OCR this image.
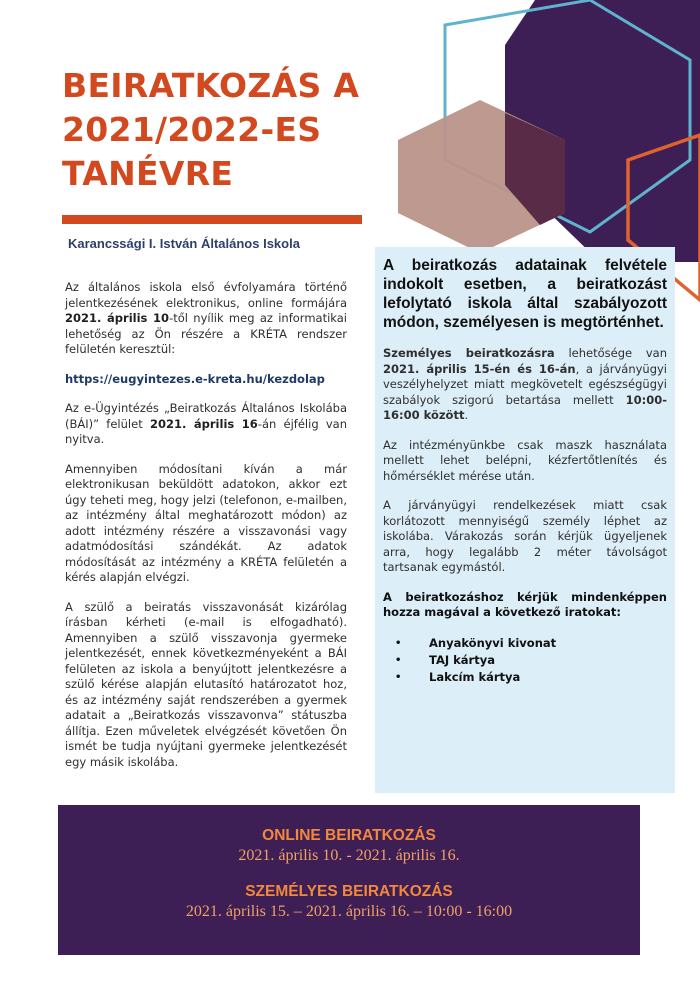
BEIRATKOZÁS A
2021/2022-ES
TANÉVRE
Karancssági I. István Általános Iskola

Az általános iskola első évfolyamára történő jelentkezésének elektronikus, online formájára 2021. április 10-től nyílik meg az informatikai lehetőség az Ön részére a KRÉTA rendszer felületén keresztül:

https://eugyintezes.e-kreta.hu/kezdolap

Az e-Ügyintézés „Beiratkozás Általános Iskolába (BÁI)” felület 2021. április 16-án éjfélig van nyitva.

Amennyiben módosítani kíván a már elektronikusan beküldött adatokon, akkor ezt úgy teheti meg, hogy jelzi (telefonon, e-mailben, az intézmény által meghatározott módon) az adott intézmény részére a visszavonási vagy adatmódosítási szándékát. Az adatok módosítását az intézmény a KRÉTA felületén a kérés alapján elvégzi.

A szülő a beiratás visszavonását kizárólag írásban kérheti (e-mail is elfogadható). Amennyiben a szülő visszavonja gyermeke jelentkezését, ennek következményeként a BÁI felületen az iskola a benyújtott jelentkezésre a szülő kérése alapján elutasító határozatot hoz, és az intézmény saját rendszerében a gyermek adatait a „Beiratkozás visszavonva” státuszba állítja. Ezen műveletek elvégzését követően Ön ismét be tudja nyújtani gyermeke jelentkezését egy másik iskolába.

A beiratkozás adatainak felvétele indokolt esetben, a beiratkozást lefolytató iskola által szabályozott módon, személyesen is megtörténhet.

Személyes beiratkozásra lehetősége van 2021. április 15-én és 16-án, a járványügyi veszélyhelyzet miatt megkövetelt egészségügyi szabályok szigorú betartása mellett 10:00-16:00 között.

Az intézményünkbe csak maszk használata mellett lehet belépni, kézfertőtlenítés és hőmérséklet mérése után.

A járványügyi rendelkezések miatt csak korlátozott mennyiségű személy léphet az iskolába. Várakozás során kérjük ügyeljenek arra, hogy legalább 2 méter távolságot tartsanak egymástól.

A beiratkozáshoz kérjük mindenképpen hozza magával a következő iratokat:

•	Anyakönyvi kivonat
•	TAJ kártya
•	Lakcím kártya
ONLINE BEIRATKOZÁS
2021. április 10. - 2021. április 16.
SZEMÉLYES BEIRATKOZÁS
2021. április 15. – 2021. április 16. – 10:00 - 16:00
